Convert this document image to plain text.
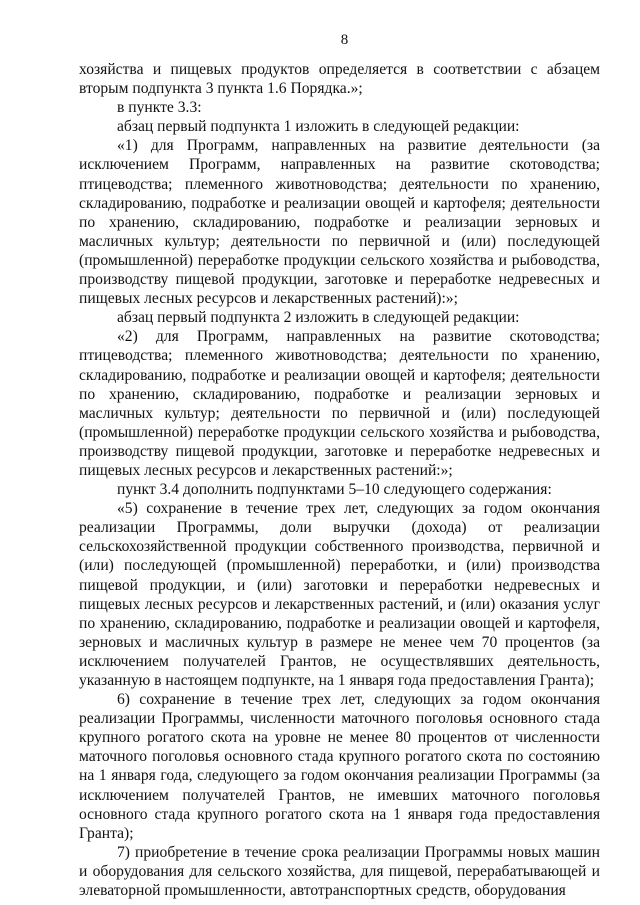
8

хозяйства и пищевых продуктов определяется в соответствии с абзацем вторым подпункта 3 пункта 1.6 Порядка.»;

в пункте 3.3:

абзац первый подпункта 1 изложить в следующей редакции:

«1) для Программ, направленных на развитие деятельности (за исключением Программ, направленных на развитие скотоводства; птицеводства; племенного животноводства; деятельности по хранению, складированию, подработке и реализации овощей и картофеля; деятельности по хранению, складированию, подработке и реализации зерновых и масличных культур; деятельности по первичной и (или) последующей (промышленной) переработке продукции сельского хозяйства и рыбоводства, производству пищевой продукции, заготовке и переработке недревесных и пищевых лесных ресурсов и лекарственных растений):»;

абзац первый подпункта 2 изложить в следующей редакции:

«2) для Программ, направленных на развитие скотоводства; птицеводства; племенного животноводства; деятельности по хранению, складированию, подработке и реализации овощей и картофеля; деятельности по хранению, складированию, подработке и реализации зерновых и масличных культур; деятельности по первичной и (или) последующей (промышленной) переработке продукции сельского хозяйства и рыбоводства, производству пищевой продукции, заготовке и переработке недревесных и пищевых лесных ресурсов и лекарственных растений:»;

пункт 3.4 дополнить подпунктами 5–10 следующего содержания:

«5) сохранение в течение трех лет, следующих за годом окончания реализации Программы, доли выручки (дохода) от реализации сельскохозяйственной продукции собственного производства, первичной и (или) последующей (промышленной) переработки, и (или) производства пищевой продукции, и (или) заготовки и переработки недревесных и пищевых лесных ресурсов и лекарственных растений, и (или) оказания услуг по хранению, складированию, подработке и реализации овощей и картофеля, зерновых и масличных культур в размере не менее чем 70 процентов (за исключением получателей Грантов, не осуществлявших деятельность, указанную в настоящем подпункте, на 1 января года предоставления Гранта);

6) сохранение в течение трех лет, следующих за годом окончания реализации Программы, численности маточного поголовья основного стада крупного рогатого скота на уровне не менее 80 процентов от численности маточного поголовья основного стада крупного рогатого скота по состоянию на 1 января года, следующего за годом окончания реализации Программы (за исключением получателей Грантов, не имевших маточного поголовья основного стада крупного рогатого скота на 1 января года предоставления Гранта);

7) приобретение в течение срока реализации Программы новых машин и оборудования для сельского хозяйства, для пищевой, перерабатывающей и элеваторной промышленности, автотранспортных средств, оборудования
